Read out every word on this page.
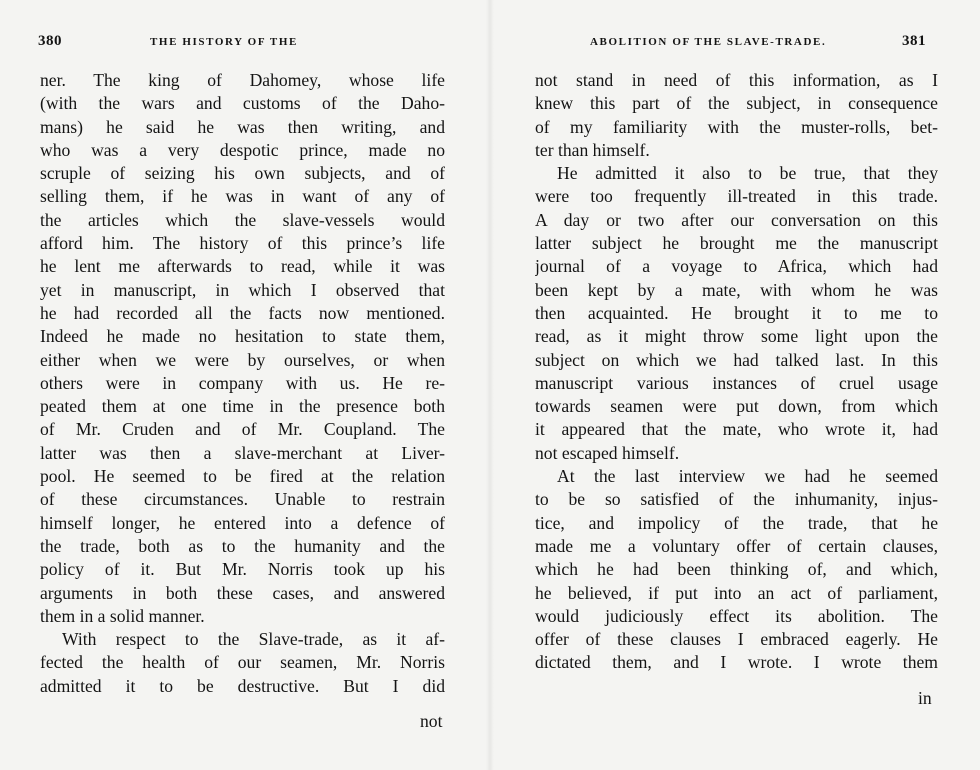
380	THE HISTORY OF THE
ner. The king of Dahomey, whose life
(with the wars and customs of the Daho-
mans) he said he was then writing, and
who was a very despotic prince, made no
scruple of seizing his own subjects, and of
selling them, if he was in want of any of
the articles which the slave-vessels would
afford him. The history of this prince’s life
he lent me afterwards to read, while it was
yet in manuscript, in which I observed that
he had recorded all the facts now mentioned.
Indeed he made no hesitation to state them,
either when we were by ourselves, or when
others were in company with us. He re-
peated them at one time in the presence both
of Mr. Cruden and of Mr. Coupland. The
latter was then a slave-merchant at Liver-
pool. He seemed to be fired at the relation
of these circumstances. Unable to restrain
himself longer, he entered into a defence of
the trade, both as to the humanity and the
policy of it. But Mr. Norris took up his
arguments in both these cases, and answered
them in a solid manner.
With respect to the Slave-trade, as it af-
fected the health of our seamen, Mr. Norris
admitted it to be destructive. But I did
not
ABOLITION OF THE SLAVE-TRADE.	381
not stand in need of this information, as I
knew this part of the subject, in consequence
of my familiarity with the muster-rolls, bet-
ter than himself.
He admitted it also to be true, that they
were too frequently ill-treated in this trade.
A day or two after our conversation on this
latter subject he brought me the manuscript
journal of a voyage to Africa, which had
been kept by a mate, with whom he was
then acquainted. He brought it to me to
read, as it might throw some light upon the
subject on which we had talked last. In this
manuscript various instances of cruel usage
towards seamen were put down, from which
it appeared that the mate, who wrote it, had
not escaped himself.
At the last interview we had he seemed
to be so satisfied of the inhumanity, injus-
tice, and impolicy of the trade, that he
made me a voluntary offer of certain clauses,
which he had been thinking of, and which,
he believed, if put into an act of parliament,
would judiciously effect its abolition. The
offer of these clauses I embraced eagerly. He
dictated them, and I wrote. I wrote them
in
